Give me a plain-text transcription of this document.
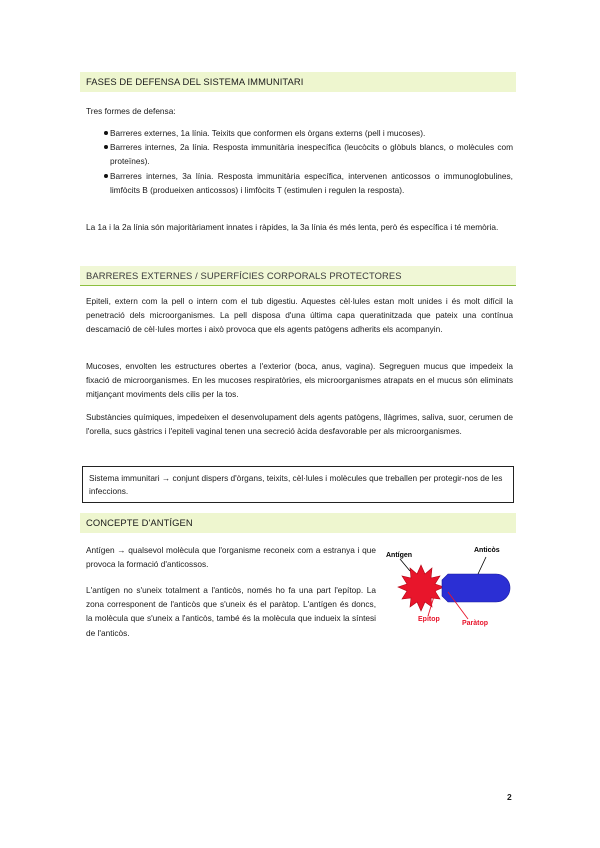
FASES DE DEFENSA DEL SISTEMA IMMUNITARI
Tres formes de defensa:
Barreres externes, 1a línia. Teixits que conformen els òrgans externs (pell i mucoses).
Barreres internes, 2a línia. Resposta immunitària inespecífica (leucòcits o glòbuls blancs, o molècules com proteïnes).
Barreres internes, 3a línia. Resposta immunitària específica, intervenen anticossos o immunoglobulines, limfòcits B (produeixen anticossos) i limfòcits T (estimulen i regulen la resposta).
La 1a i la 2a línia són majoritàriament innates i ràpides, la 3a línia és més lenta, però és específica i té memòria.
BARRERES EXTERNES / SUPERFÍCIES CORPORALS PROTECTORES
Epiteli, extern com la pell o intern com el tub digestiu. Aquestes cèl·lules estan molt unides i és molt difícil la penetració dels microorganismes. La pell disposa d'una última capa queratinitzada que pateix una contínua descamació de cèl·lules mortes i això provoca que els agents patògens adherits els acompanyin.
Mucoses, envolten les estructures obertes a l'exterior (boca, anus, vagina). Segreguen mucus que impedeix la fixació de microorganismes. En les mucoses respiratòries, els microorganismes atrapats en el mucus són eliminats mitjançant moviments dels cilis per la tos.
Substàncies químiques, impedeixen el desenvolupament dels agents patògens, llàgrimes, saliva, suor, cerumen de l'orella, sucs gàstrics i l'epiteli vaginal tenen una secreció àcida desfavorable per als microorganismes.
Sistema immunitari → conjunt dispers d'òrgans, teixits, cèl·lules i molècules que treballen per protegir-nos de les infeccions.
CONCEPTE D'ANTÍGEN
Antígen → qualsevol molècula que l'organisme reconeix com a estranya i que provoca la formació d'anticossos.
L'antígen no s'uneix totalment a l'anticòs, només ho fa una part l'epítop. La zona corresponent de l'anticòs que s'uneix és el paràtop. L'antígen és doncs, la molècula que s'uneix a l'anticòs, també és la molècula que indueix la síntesi de l'anticòs.
Antígen
Anticòs
Epítop
Paràtop
2
